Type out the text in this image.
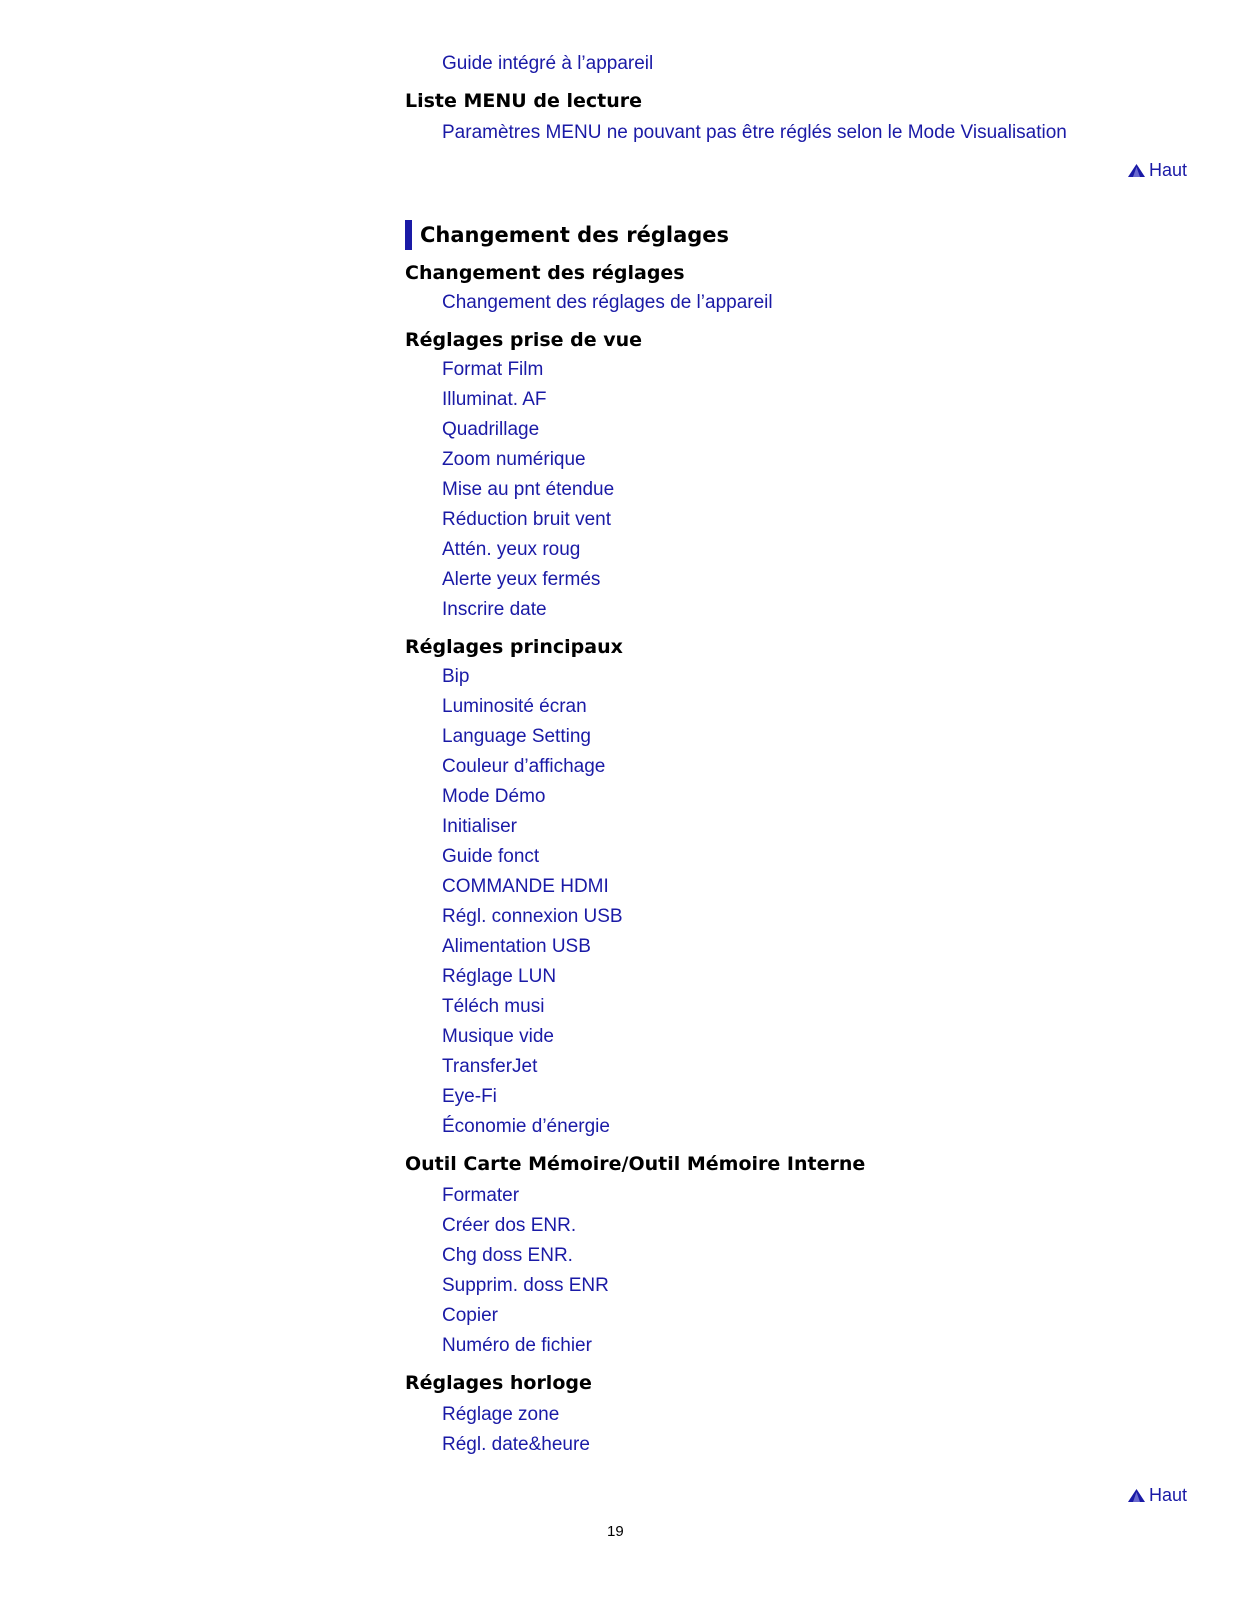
Guide intégré à l’appareil
Liste MENU de lecture
Paramètres MENU ne pouvant pas être réglés selon le Mode Visualisation
Haut
Changement des réglages
Changement des réglages
Changement des réglages de l’appareil
Réglages prise de vue
Format Film
Illuminat. AF
Quadrillage
Zoom numérique
Mise au pnt étendue
Réduction bruit vent
Attén. yeux roug
Alerte yeux fermés
Inscrire date
Réglages principaux
Bip
Luminosité écran
Language Setting
Couleur d’affichage
Mode Démo
Initialiser
Guide fonct
COMMANDE HDMI
Régl. connexion USB
Alimentation USB
Réglage LUN
Téléch musi
Musique vide
TransferJet
Eye-Fi
Économie d’énergie
Outil Carte Mémoire/Outil Mémoire Interne
Formater
Créer dos ENR.
Chg doss ENR.
Supprim. doss ENR
Copier
Numéro de fichier
Réglages horloge
Réglage zone
Régl. date&heure
Haut
19
